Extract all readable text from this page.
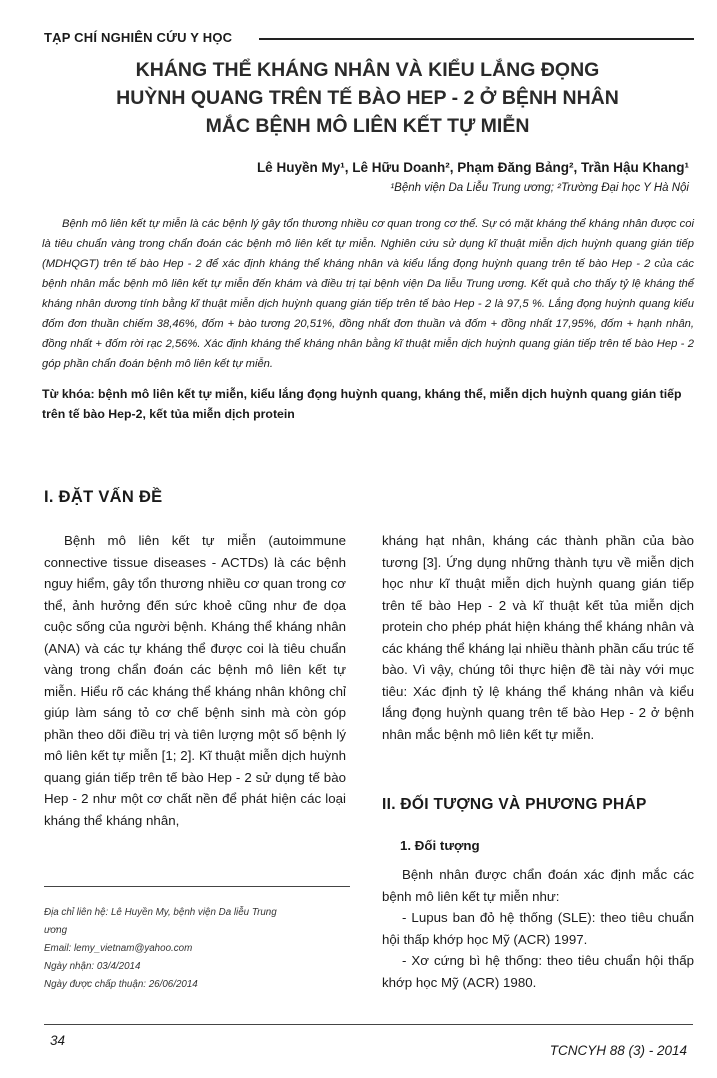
TẠP CHÍ NGHIÊN CỨU Y HỌC
KHÁNG THỂ KHÁNG NHÂN VÀ KIỂU LẮNG ĐỌNG
HUỲNH QUANG TRÊN TẾ BÀO HEP - 2 Ở BỆNH NHÂN
MẮC BỆNH MÔ LIÊN KẾT TỰ MIỄN
Lê Huyền My¹, Lê Hữu Doanh², Phạm Đăng Bảng², Trần Hậu Khang¹
¹Bệnh viện Da Liễu Trung ương; ²Trường Đại học Y Hà Nội
Bệnh mô liên kết tự miễn là các bệnh lý gây tổn thương nhiều cơ quan trong cơ thể. Sự có mặt kháng thể kháng nhân được coi là tiêu chuẩn vàng trong chẩn đoán các bệnh mô liên kết tự miễn. Nghiên cứu sử dụng kĩ thuật miễn dịch huỳnh quang gián tiếp (MDHQGT) trên tế bào Hep - 2 để xác định kháng thể kháng nhân và kiểu lắng đọng huỳnh quang trên tế bào Hep - 2 của các bệnh nhân mắc bệnh mô liên kết tự miễn đến khám và điều trị tại bệnh viện Da liễu Trung ương. Kết quả cho thấy tỷ lệ kháng thể kháng nhân dương tính bằng kĩ thuật miễn dịch huỳnh quang gián tiếp trên tế bào Hep - 2 là 97,5 %. Lắng đọng huỳnh quang kiểu đốm đơn thuần chiếm 38,46%, đốm + bào tương 20,51%, đồng nhất đơn thuần và đốm + đồng nhất 17,95%, đốm + hạnh nhân, đồng nhất + đốm rời rạc 2,56%. Xác định kháng thể kháng nhân bằng kĩ thuật miễn dịch huỳnh quang gián tiếp trên tế bào Hep - 2 góp phần chẩn đoán bệnh mô liên kết tự miễn.
Từ khóa: bệnh mô liên kết tự miễn, kiểu lắng đọng huỳnh quang, kháng thể, miễn dịch huỳnh quang gián tiếp trên tế bào Hep-2, kết tủa miễn dịch protein
I. ĐẶT VẤN ĐỀ

Bệnh mô liên kết tự miễn (autoimmune connective tissue diseases - ACTDs) là các bệnh nguy hiểm, gây tổn thương nhiều cơ quan trong cơ thể, ảnh hưởng đến sức khoẻ cũng như đe dọa cuộc sống của người bệnh. Kháng thể kháng nhân (ANA) và các tự kháng thể được coi là tiêu chuẩn vàng trong chẩn đoán các bệnh mô liên kết tự miễn. Hiểu rõ các kháng thể kháng nhân không chỉ giúp làm sáng tỏ cơ chế bệnh sinh mà còn góp phần theo dõi điều trị và tiên lượng một số bệnh lý mô liên kết tự miễn [1; 2]. Kĩ thuật miễn dịch huỳnh quang gián tiếp trên tế bào Hep - 2 sử dụng tế bào Hep - 2 như một cơ chất nền để phát hiện các loại kháng thể kháng nhân,

kháng hạt nhân, kháng các thành phần của bào tương [3]. Ứng dụng những thành tựu về miễn dịch học như kĩ thuật miễn dịch huỳnh quang gián tiếp trên tế bào Hep - 2 và kĩ thuật kết tủa miễn dịch protein cho phép phát hiện kháng thể kháng nhân và các kháng thể kháng lại nhiều thành phần cấu trúc tế bào. Vì vậy, chúng tôi thực hiện đề tài này với mục tiêu: Xác định tỷ lệ kháng thể kháng nhân và kiểu lắng đọng huỳnh quang trên tế bào Hep - 2 ở bệnh nhân mắc bệnh mô liên kết tự miễn.

II. ĐỐI TƯỢNG VÀ PHƯƠNG PHÁP
1. Đối tượng

Bệnh nhân được chẩn đoán xác định mắc các bệnh mô liên kết tự miễn như:

- Lupus ban đỏ hệ thống (SLE): theo tiêu chuẩn hội thấp khớp học Mỹ (ACR) 1997.

- Xơ cứng bì hệ thống: theo tiêu chuẩn hội thấp khớp học Mỹ (ACR) 1980.

Địa chỉ liên hệ: Lê Huyền My, bệnh viện Da liễu Trung
ương
Email: lemy_vietnam@yahoo.com
Ngày nhận: 03/4/2014
Ngày được chấp thuận: 26/06/2014
34
TCNCYH 88 (3) - 2014
